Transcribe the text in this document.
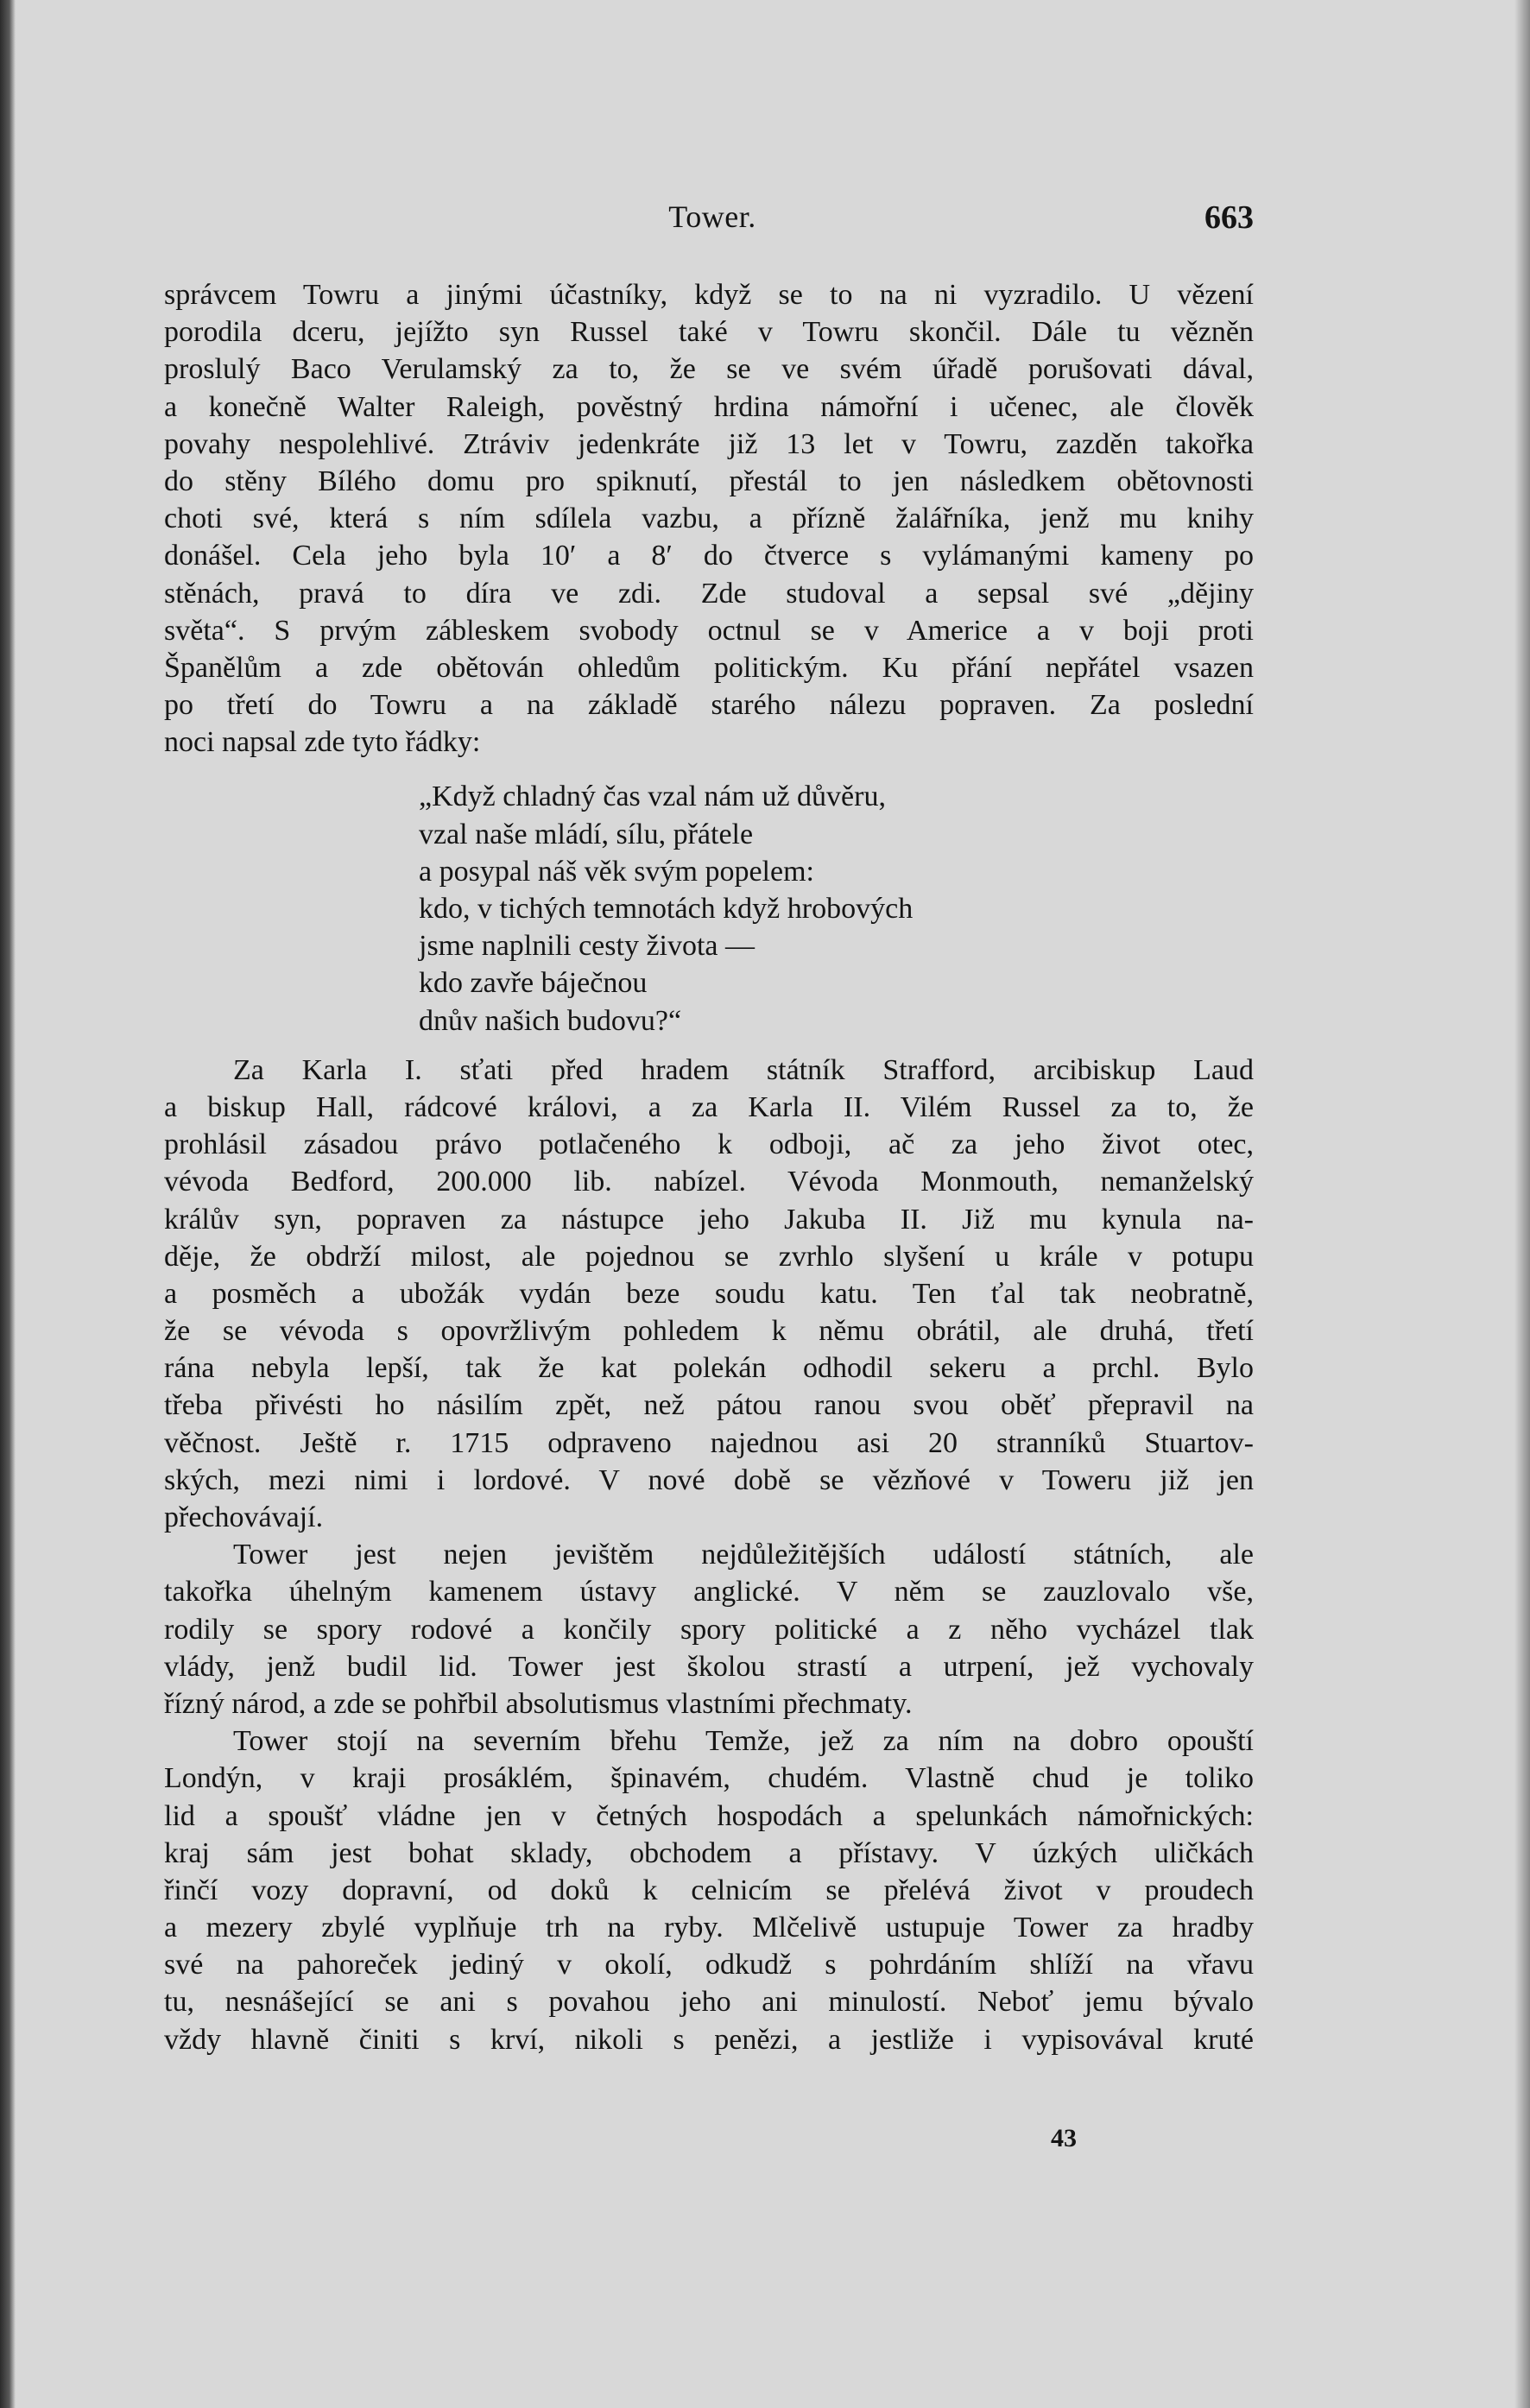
Tower.	663
správcem Towru a jinými účastníky, když se to na ni vyzradilo. U vězení
porodila dceru, jejížto syn Russel také v Towru skončil. Dále tu vězněn
proslulý Baco Verulamský za to, že se ve svém úřadě porušovati dával,
a konečně Walter Raleigh, pověstný hrdina námořní i učenec, ale člověk
povahy nespolehlivé. Ztráviv jedenkráte již 13 let v Towru, zazděn takořka
do stěny Bílého domu pro spiknutí, přestál to jen následkem obětovnosti
choti své, která s ním sdílela vazbu, a přízně žalářníka, jenž mu knihy
donášel. Cela jeho byla 10′ a 8′ do čtverce s vylámanými kameny po
stěnách, pravá to díra ve zdi. Zde studoval a sepsal své „dějiny
světa“. S prvým zábleskem svobody octnul se v Americe a v boji proti
Španělům a zde obětován ohledům politickým. Ku přání nepřátel vsazen
po třetí do Towru a na základě starého nálezu popraven. Za poslední
noci napsal zde tyto řádky:
„Když chladný čas vzal nám už důvěru,
vzal naše mládí, sílu, přátele
a posypal náš věk svým popelem:
kdo, v tichých temnotách když hrobových
jsme naplnili cesty života —
kdo zavře báječnou
dnův našich budovu?“
Za Karla I. sťati před hradem státník Strafford, arcibiskup Laud
a biskup Hall, rádcové královi, a za Karla II. Vilém Russel za to, že
prohlásil zásadou právo potlačeného k odboji, ač za jeho život otec,
vévoda Bedford, 200.000 lib. nabízel. Vévoda Monmouth, nemanželský
králův syn, popraven za nástupce jeho Jakuba II. Již mu kynula na-
děje, že obdrží milost, ale pojednou se zvrhlo slyšení u krále v potupu
a posměch a ubožák vydán beze soudu katu. Ten ťal tak neobratně,
že se vévoda s opovržlivým pohledem k němu obrátil, ale druhá, třetí
rána nebyla lepší, tak že kat polekán odhodil sekeru a prchl. Bylo
třeba přivésti ho násilím zpět, než pátou ranou svou oběť přepravil na
věčnost. Ještě r. 1715 odpraveno najednou asi 20 stranníků Stuartov-
ských, mezi nimi i lordové. V nové době se vězňové v Toweru již jen
přechovávají.
Tower jest nejen jevištěm nejdůležitějších událostí státních, ale
takořka úhelným kamenem ústavy anglické. V něm se zauzlovalo vše,
rodily se spory rodové a končily spory politické a z něho vycházel tlak
vlády, jenž budil lid. Tower jest školou strastí a utrpení, jež vychovaly
řízný národ, a zde se pohřbil absolutismus vlastními přechmaty.
Tower stojí na severním břehu Temže, jež za ním na dobro opouští
Londýn, v kraji prosáklém, špinavém, chudém. Vlastně chud je toliko
lid a spoušť vládne jen v četných hospodách a spelunkách námořnických:
kraj sám jest bohat sklady, obchodem a přístavy. V úzkých uličkách
řinčí vozy dopravní, od doků k celnicím se přelévá život v proudech
a mezery zbylé vyplňuje trh na ryby. Mlčelivě ustupuje Tower za hradby
své na pahoreček jediný v okolí, odkudž s pohrdáním shlíží na vřavu
tu, nesnášející se ani s povahou jeho ani minulostí. Neboť jemu bývalo
vždy hlavně činiti s krví, nikoli s penězi, a jestliže i vypisovával kruté
43
